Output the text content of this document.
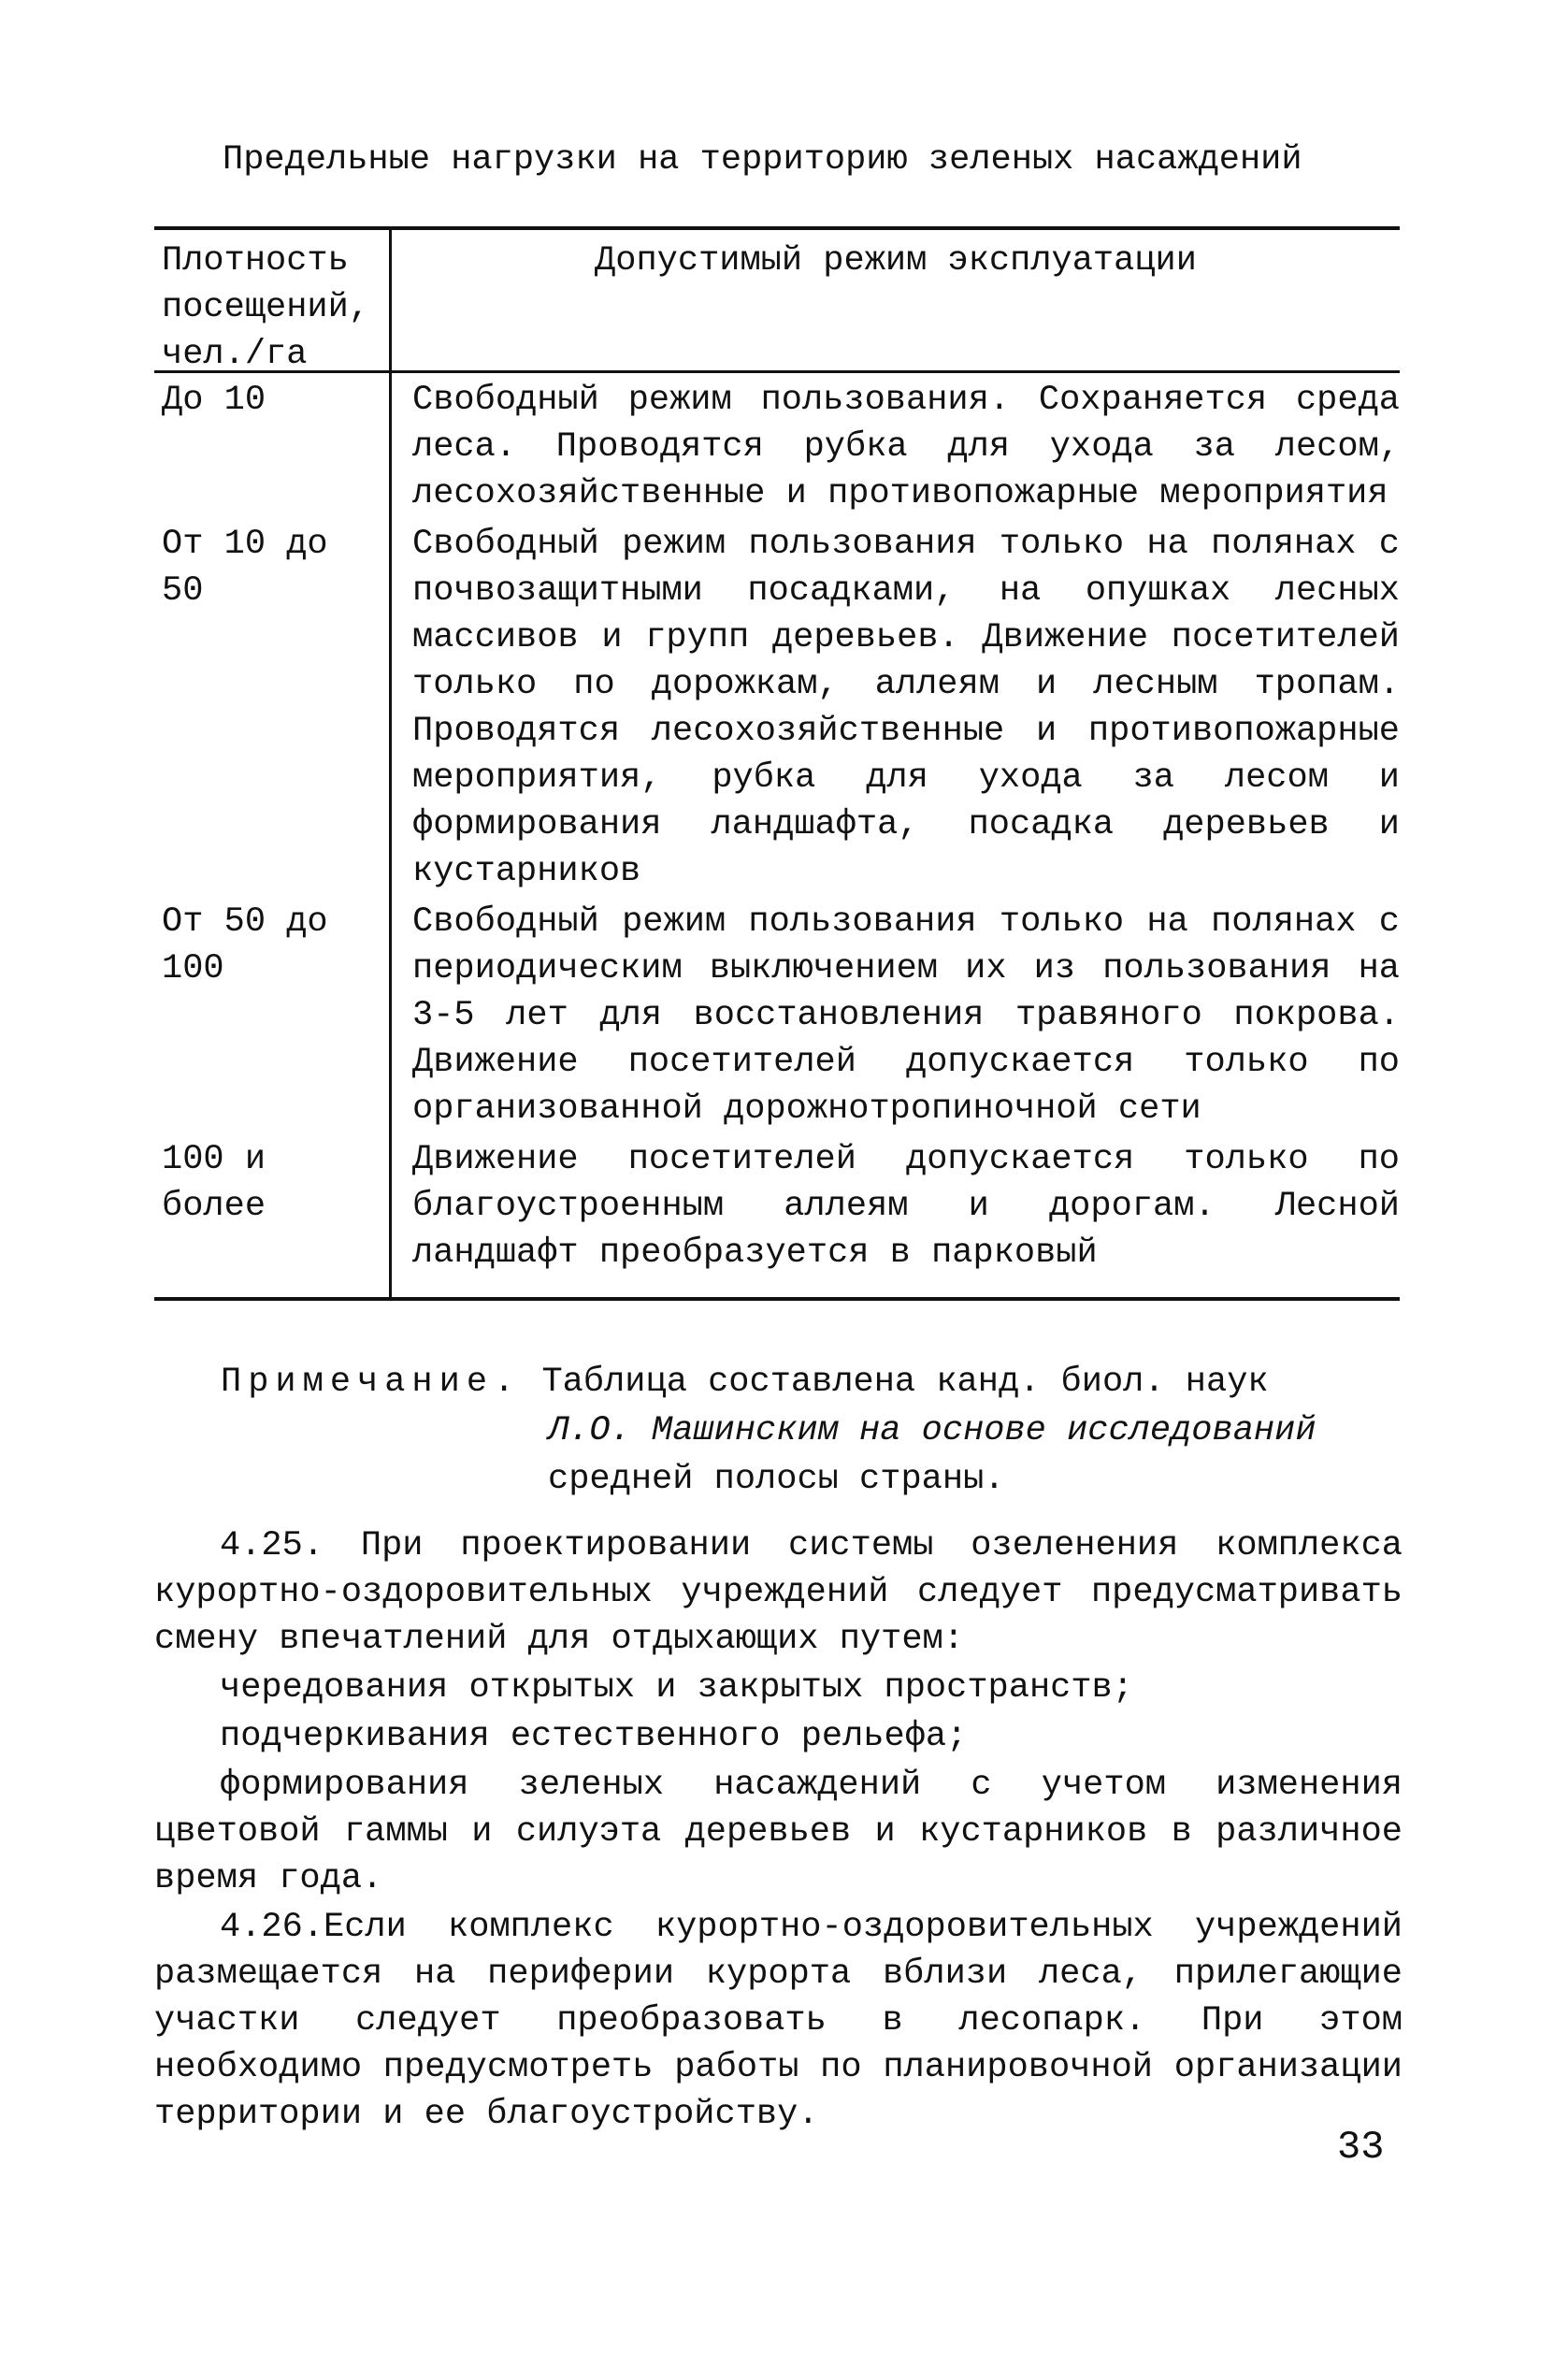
Предельные нагрузки на территорию зеленых насаждений
Плотность
посещений,
чел./га
Допустимый режим эксплуатации
До 10	Свободный режим пользования. Сохраняется среда леса. Проводятся рубка для ухода за лесом, лесохозяйственные и противопожарные мероприятия
От 10 до
50
Свободный режим пользования только на полянах с почвозащитными посадками, на опушках лесных массивов и групп деревьев. Движение посетителей только по дорожкам, аллеям и лесным тропам. Проводятся лесохозяйственные и противопожарные мероприятия, рубка для ухода за лесом и формирования ландшафта, посадка деревьев и кустарников
От 50 до
100
Свободный режим пользования только на полянах с периодическим выключением их из пользования на 3-5 лет для восстановления травяного покрова. Движение посетителей допускается только по организованной дорожнотропиночной сети
100 и
более
Движение посетителей допускается только по благоустроенным аллеям и дорогам. Лесной ландшафт преобразуется в парковый
Примечание. Таблица составлена канд. биол. наук
Л.О. Машинским на основе исследований
средней полосы страны.

4.25. При проектировании системы озеленения комплекса курортно-оздоровительных учреждений следует предусматривать смену впечатлений для отдыхающих путем:

чередования открытых и закрытых пространств;

подчеркивания естественного рельефа;

формирования зеленых насаждений с учетом изменения цветовой гаммы и силуэта деревьев и кустарников в различное время года.

4.26.Если комплекс курортно-оздоровительных учреждений размещается на периферии курорта вблизи леса, прилегающие участки следует преобразовать в лесопарк. При этом необходимо предусмотреть работы по планировочной организации территории и ее благоустройству.

33
